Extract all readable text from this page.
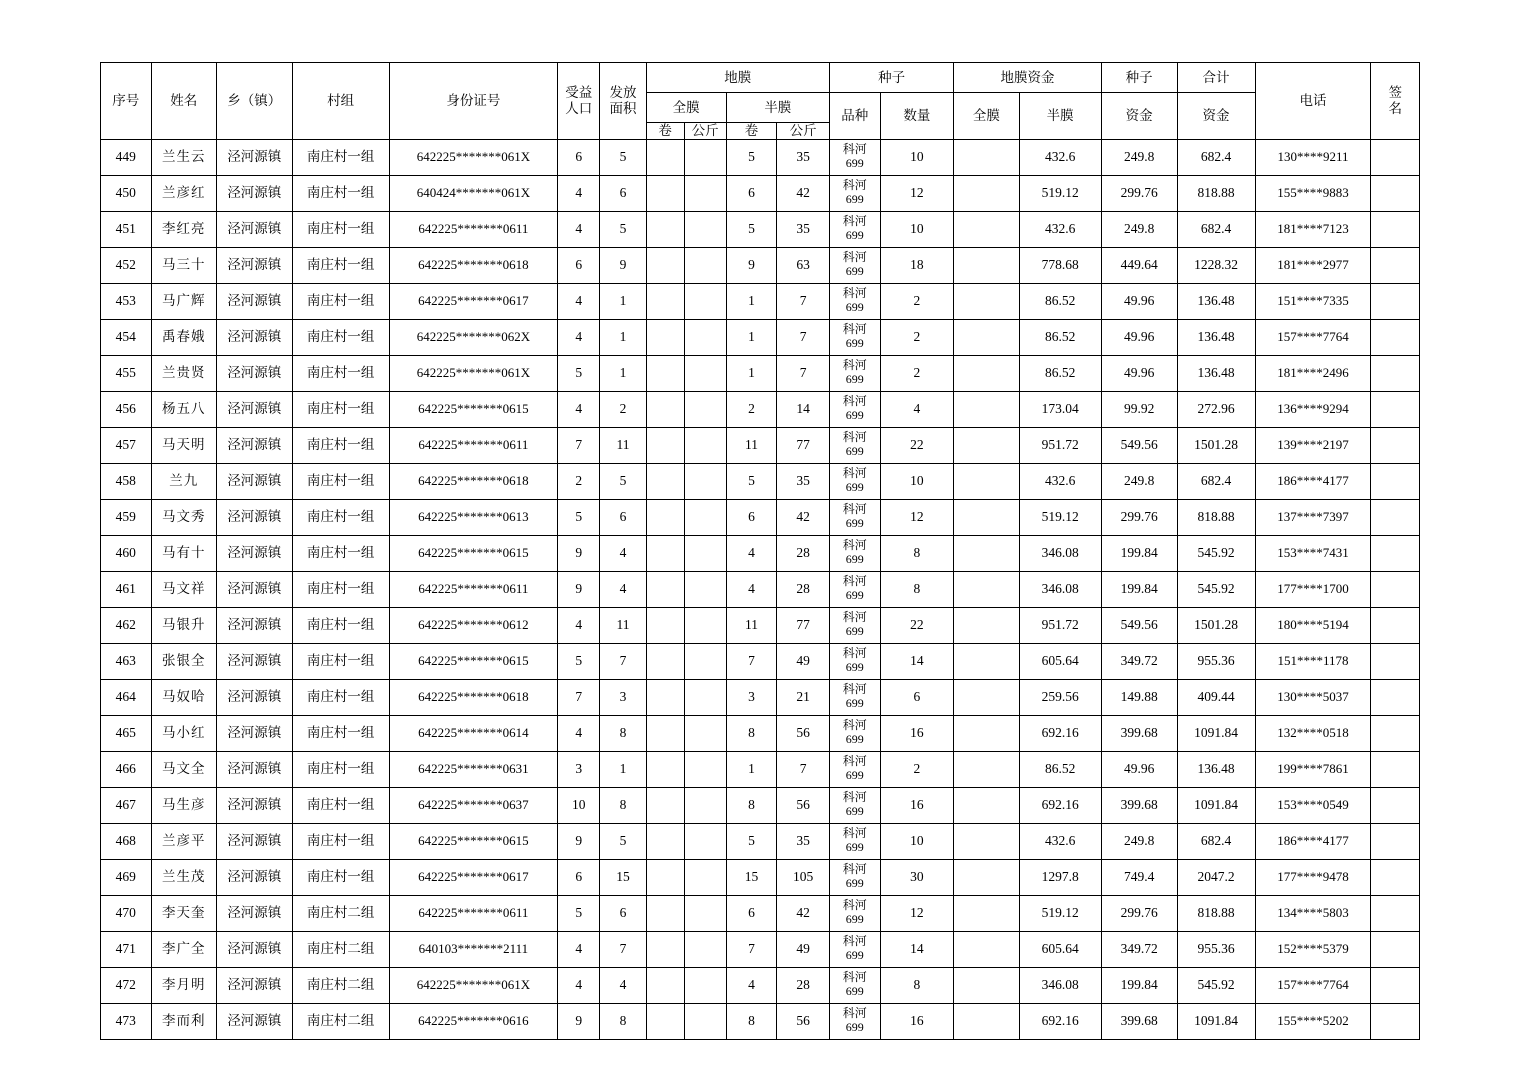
序号	姓名	乡（镇）	村组	身份证号	受益
人口	发放
面积	地膜				种子		地膜资金		种子	合计	电话	签
名

							全膜		半膜		品种	数量	全膜	半膜	资金	资金		
							卷	公斤	卷	公斤								
449	兰生云	泾河源镇	南庄村一组	642225*******061X	6	5			5	35	科河
699	10		432.6	249.8	682.4	130****9211	
450	兰彦红	泾河源镇	南庄村一组	640424*******061X	4	6			6	42	科河
699	12		519.12	299.76	818.88	155****9883	
451	李红亮	泾河源镇	南庄村一组	642225*******0611	4	5			5	35	科河
699	10		432.6	249.8	682.4	181****7123	
452	马三十	泾河源镇	南庄村一组	642225*******0618	6	9			9	63	科河
699	18		778.68	449.64	1228.32	181****2977	
453	马广辉	泾河源镇	南庄村一组	642225*******0617	4	1			1	7	科河
699	2		86.52	49.96	136.48	151****7335	
454	禹春娥	泾河源镇	南庄村一组	642225*******062X	4	1			1	7	科河
699	2		86.52	49.96	136.48	157****7764	
455	兰贵贤	泾河源镇	南庄村一组	642225*******061X	5	1			1	7	科河
699	2		86.52	49.96	136.48	181****2496	
456	杨五八	泾河源镇	南庄村一组	642225*******0615	4	2			2	14	科河
699	4		173.04	99.92	272.96	136****9294	
457	马天明	泾河源镇	南庄村一组	642225*******0611	7	11			11	77	科河
699	22		951.72	549.56	1501.28	139****2197	
458	兰九	泾河源镇	南庄村一组	642225*******0618	2	5			5	35	科河
699	10		432.6	249.8	682.4	186****4177	
459	马文秀	泾河源镇	南庄村一组	642225*******0613	5	6			6	42	科河
699	12		519.12	299.76	818.88	137****7397	
460	马有十	泾河源镇	南庄村一组	642225*******0615	9	4			4	28	科河
699	8		346.08	199.84	545.92	153****7431	
461	马文祥	泾河源镇	南庄村一组	642225*******0611	9	4			4	28	科河
699	8		346.08	199.84	545.92	177****1700	
462	马银升	泾河源镇	南庄村一组	642225*******0612	4	11			11	77	科河
699	22		951.72	549.56	1501.28	180****5194	
463	张银全	泾河源镇	南庄村一组	642225*******0615	5	7			7	49	科河
699	14		605.64	349.72	955.36	151****1178	
464	马奴哈	泾河源镇	南庄村一组	642225*******0618	7	3			3	21	科河
699	6		259.56	149.88	409.44	130****5037	
465	马小红	泾河源镇	南庄村一组	642225*******0614	4	8			8	56	科河
699	16		692.16	399.68	1091.84	132****0518	
466	马文全	泾河源镇	南庄村一组	642225*******0631	3	1			1	7	科河
699	2		86.52	49.96	136.48	199****7861	
467	马生彦	泾河源镇	南庄村一组	642225*******0637	10	8			8	56	科河
699	16		692.16	399.68	1091.84	153****0549	
468	兰彦平	泾河源镇	南庄村一组	642225*******0615	9	5			5	35	科河
699	10		432.6	249.8	682.4	186****4177	
469	兰生茂	泾河源镇	南庄村一组	642225*******0617	6	15			15	105	科河
699	30		1297.8	749.4	2047.2	177****9478	
470	李天奎	泾河源镇	南庄村二组	642225*******0611	5	6			6	42	科河
699	12		519.12	299.76	818.88	134****5803	
471	李广全	泾河源镇	南庄村二组	640103*******2111	4	7			7	49	科河
699	14		605.64	349.72	955.36	152****5379	
472	李月明	泾河源镇	南庄村二组	642225*******061X	4	4			4	28	科河
699	8		346.08	199.84	545.92	157****7764	
473	李而利	泾河源镇	南庄村二组	642225*******0616	9	8			8	56	科河
699	16		692.16	399.68	1091.84	155****5202	
